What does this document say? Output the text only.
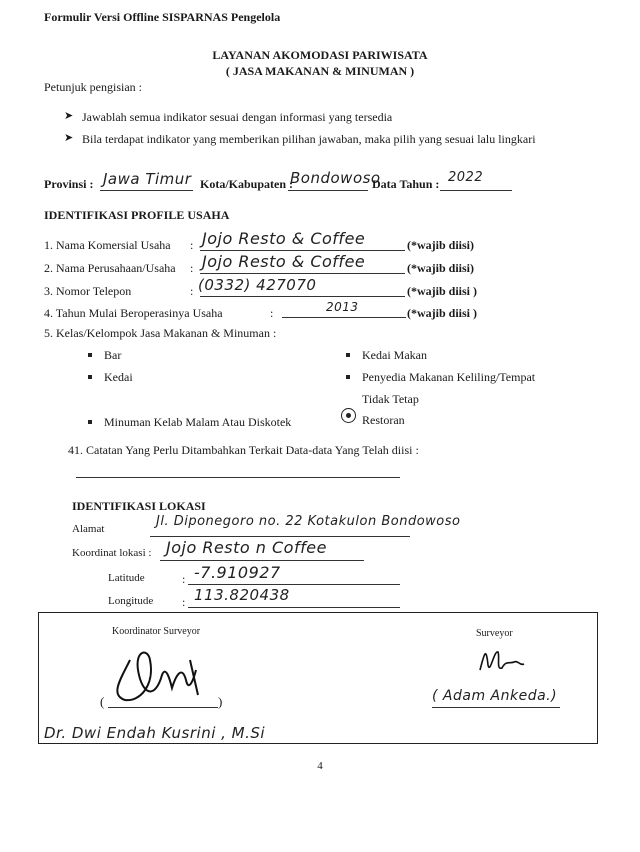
Formulir Versi Offline SISPARNAS Pengelola
LAYANAN AKOMODASI PARIWISATA
( JASA MAKANAN & MINUMAN )
Petunjuk pengisian :
➤ Jawablah semua indikator sesuai dengan informasi yang tersedia
➤ Bila terdapat indikator yang memberikan pilihan jawaban, maka pilih yang sesuai lalu lingkari
Provinsi : Jawa Timur Kota/Kabupaten :
Bondowoso
Data Tahun : 2022
IDENTIFIKASI PROFILE USAHA
1. Nama Komersial Usaha : Jojo Resto & Coffee	(*wajib diisi)
2. Nama Perusahaan/Usaha : Jojo Resto & Coffee	(*wajib diisi)
3. Nomor Telepon	: (0332) 427070	(*wajib diisi )
4. Tahun Mulai Beroperasinya Usaha	:	2013	(*wajib diisi )
5. Kelas/Kelompok Jasa Makanan & Minuman :
Bar
Kedai
Minuman Kelab Malam Atau Diskotek
Kedai Makan
Penyedia Makanan Keliling/Tempat
Tidak Tetap
Restoran
41. Catatan Yang Perlu Ditambahkan Terkait Data-data Yang Telah diisi :
IDENTIFIKASI LOKASI
Alamat	Jl. Diponegoro no. 22 Kotakulon Bondowoso
Koordinat lokasi : Jojo Resto n Coffee
Latitude	: -7.910927
Longitude : 113.820438
Koordinator Surveyor	Surveyor
(	)	( Adam Ankeda.)
Dr. Dwi Endah Kusrini , M.Si
4
